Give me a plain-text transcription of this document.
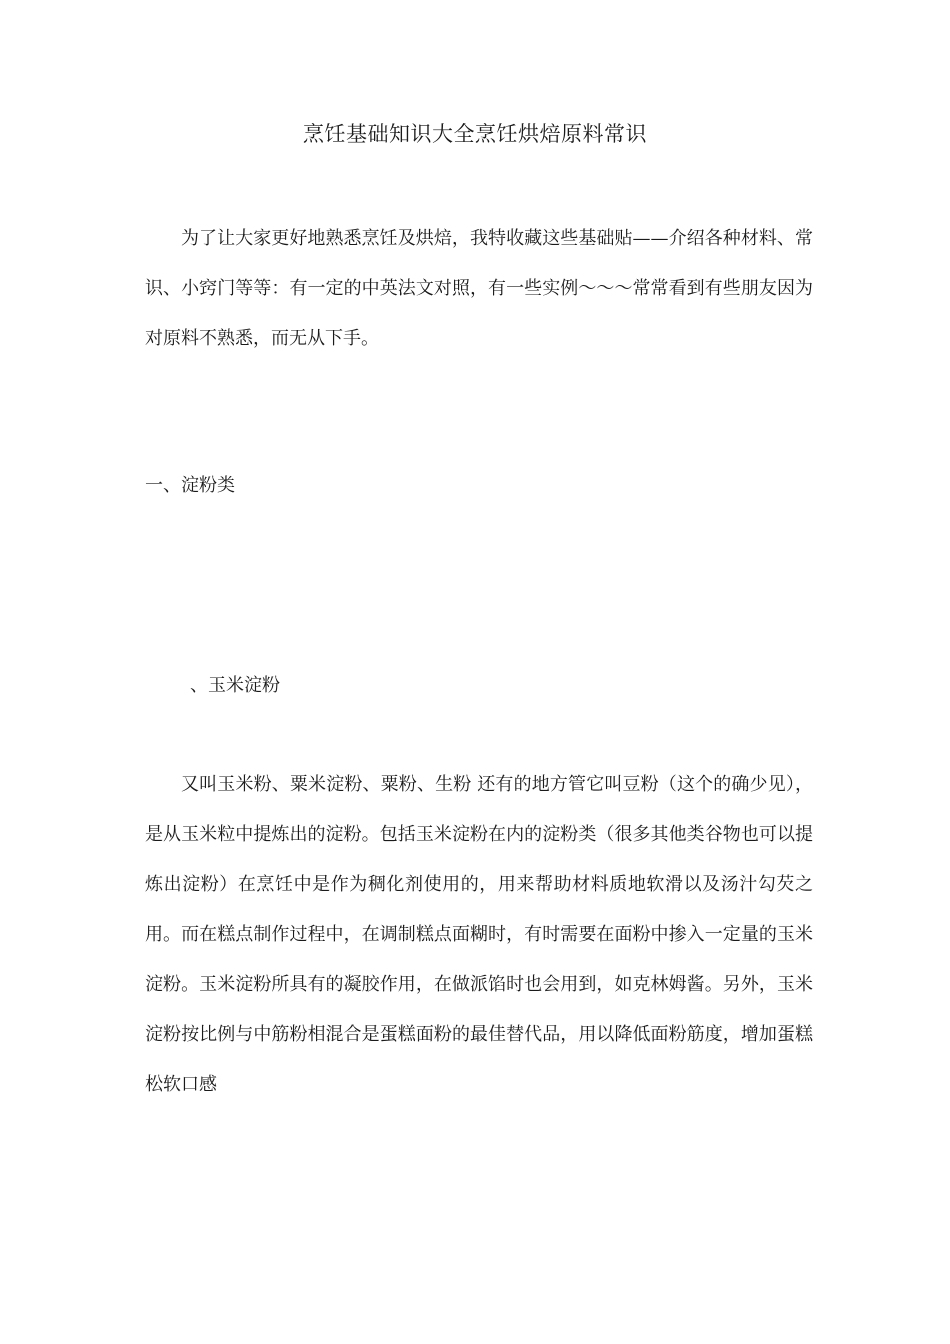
烹饪基础知识大全烹饪烘焙原料常识

为了让大家更好地熟悉烹饪及烘焙，我特收藏这些基础贴——介绍各种材料、常识、小窍门等等：有一定的中英法文对照，有一些实例～～～常常看到有些朋友因为对原料不熟悉，而无从下手。

一、淀粉类
、玉米淀粉

又叫玉米粉、粟米淀粉、粟粉、生粉 还有的地方管它叫豆粉（这个的确少见），是从玉米粒中提炼出的淀粉。包括玉米淀粉在内的淀粉类（很多其他类谷物也可以提炼出淀粉）在烹饪中是作为稠化剂使用的，用来帮助材料质地软滑以及汤汁勾芡之用。而在糕点制作过程中，在调制糕点面糊时，有时需要在面粉中掺入一定量的玉米淀粉。玉米淀粉所具有的凝胶作用，在做派馅时也会用到，如克林姆酱。另外，玉米淀粉按比例与中筋粉相混合是蛋糕面粉的最佳替代品，用以降低面粉筋度，增加蛋糕松软口感
